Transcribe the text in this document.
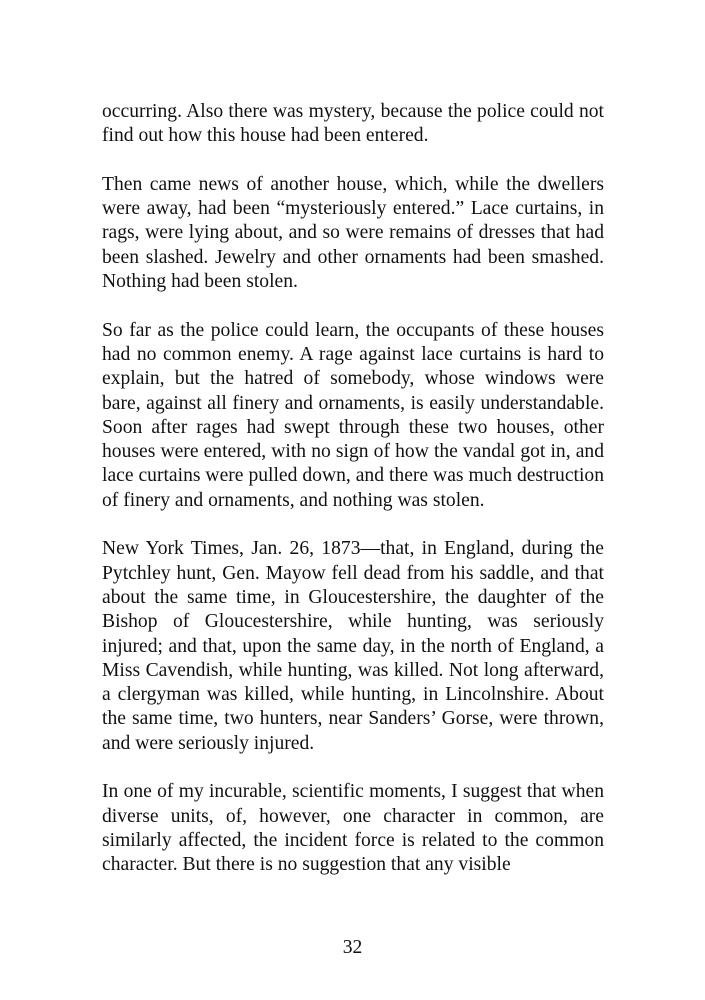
occurring. Also there was mystery, because the police could not find out how this house had been entered.

Then came news of another house, which, while the dwellers were away, had been “mysteriously entered.” Lace curtains, in rags, were lying about, and so were remains of dresses that had been slashed. Jewelry and other ornaments had been smashed. Nothing had been stolen.

So far as the police could learn, the occupants of these houses had no common enemy. A rage against lace curtains is hard to explain, but the hatred of somebody, whose windows were bare, against all finery and ornaments, is easily understandable. Soon after rages had swept through these two houses, other houses were entered, with no sign of how the vandal got in, and lace curtains were pulled down, and there was much destruction of finery and ornaments, and nothing was stolen.

New York Times, Jan. 26, 1873—that, in England, during the Pytchley hunt, Gen. Mayow fell dead from his saddle, and that about the same time, in Gloucestershire, the daughter of the Bishop of Gloucestershire, while hunting, was seriously injured; and that, upon the same day, in the north of England, a Miss Cavendish, while hunting, was killed. Not long afterward, a clergyman was killed, while hunting, in Lincolnshire. About the same time, two hunters, near Sanders’ Gorse, were thrown, and were seriously injured.

In one of my incurable, scientific moments, I suggest that when diverse units, of, however, one character in common, are similarly affected, the incident force is related to the common character. But there is no suggestion that any visible

32
